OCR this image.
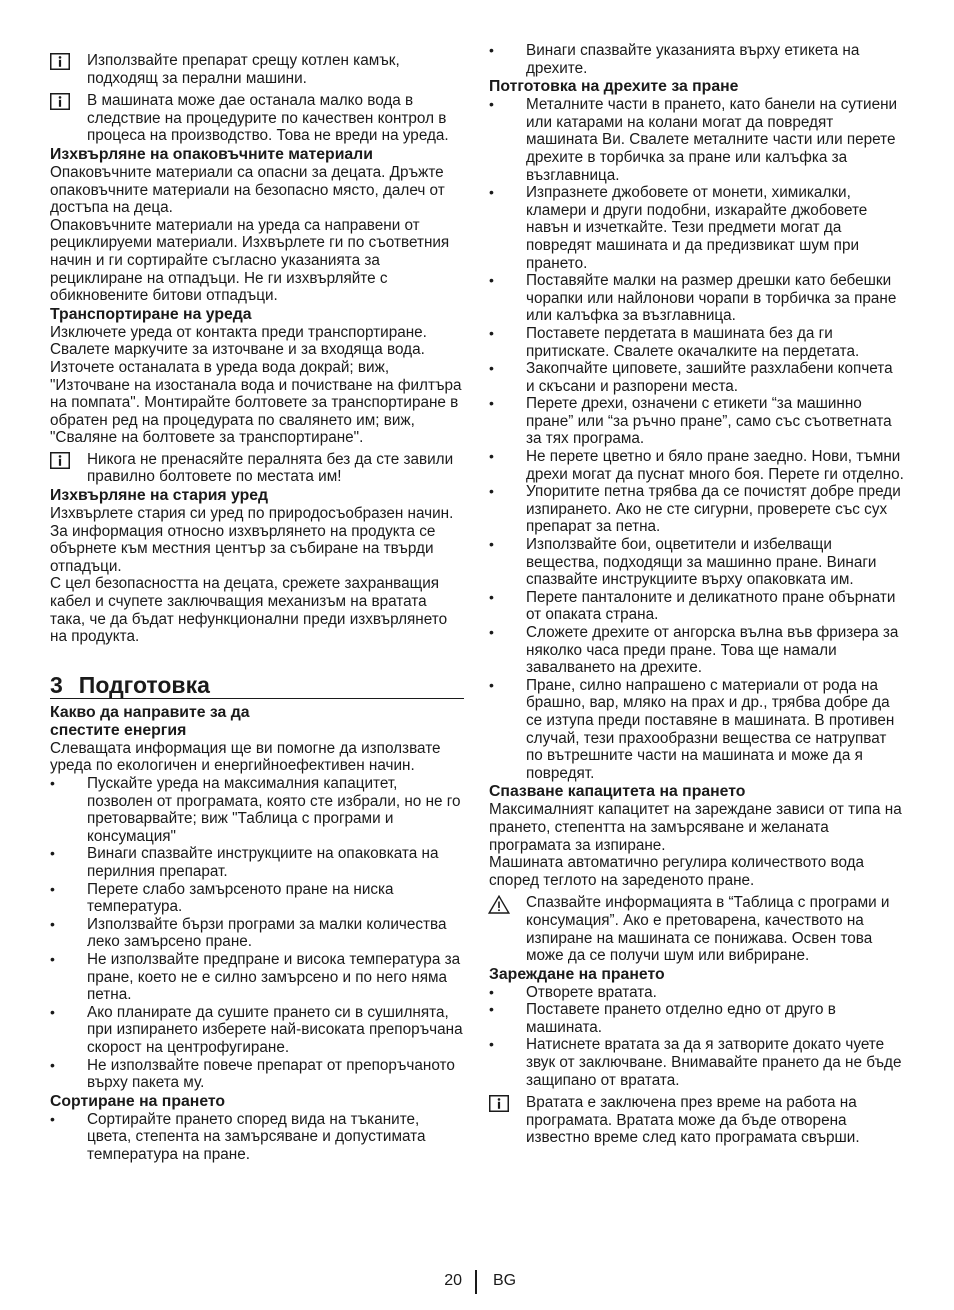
Използвайте препарат срещу котлен камък, подходящ за перални машини.
В машината може дае останала малко вода в следствие на процедурите по качествен контрол в процеса на производство. Това не вреди на уреда.
Изхвърляне на опаковъчните материали

Опаковъчните материали са опасни за децата. Дръжте опаковъчните материали на безопасно място, далеч от достъпа на деца.

Опаковъчните материали на уреда са направени от рециклируеми материали. Изхвърлете ги по съответния начин и ги сортирайте съгласно указанията за рециклиране на отпадъци. Не ги изхвърляйте с обикновените битови отпадъци.

Транспортиране на уреда

Изключете уреда от контакта преди транспортиране. Свалете маркучите за източване и за входяща вода. Източете останалата в уреда вода докрай; виж, "Източване на изостанала вода и почистване на филтъра на помпата". Монтирайте болтовете за транспортиране в обратен ред на процедурата по свалянето им; виж, "Сваляне на болтовете за транспортиране".

Никога не пренасяйте пералнята без да сте завили правилно болтовете по местата им!
Изхвърляне на стария уред

Изхвърлете стария си уред по природосъобразен начин.

За информация относно изхвърлянето на продукта се обърнете към местния център за събиране на твърди отпадъци.

С цел безопасността на децата, срежете захранващия кабел и счупете заключващия механизъм на вратата така, че да бъдат нефункционални преди изхвърлянето на продукта.

3 Подготовка
Какво да направите за да
спестите енергия

Слеващата информация ще ви помогне да използвате уреда по екологичен и енергийноефективен начин.

• Пускайте уреда на максималния капацитет, позволен от програмата, която сте избрали, но не го претоварвайте; виж "Таблица с програми и консумация"
• Винаги спазвайте инструкциите на опаковката на перилния препарат.
• Перете слабо замърсеното пране на ниска температура.
• Използвайте бързи програми за малки количества леко замърсено пране.
• Не използвайте предпране и висока температура за пране, което не е силно замърсено и по него няма петна.
• Ако планирате да сушите прането си в сушилнята, при изпирането изберете най-високата препоръчана скорост на центрофугиране.
• Не използвайте повече препарат от препоръчаното върху пакета му.
Сортиране на прането
• Сортирайте прането според вида на тъканите, цвета, степента на замърсяване и допустимата температура на пране.
• Винаги спазвайте указанията върху етикета на дрехите.
Потготовка на дрехите за пране
• Металните части в прането, като банели на сутиени или катарами на колани могат да повредят машината Ви. Свалете металните части или перете дрехите в торбичка за пране или калъфка за възглавница.
• Изпразнете джобовете от монети, химикалки, кламери и други подобни, изкарайте джобовете навън и изчеткайте. Тези предмети могат да повредят машината и да предизвикат шум при прането.
• Поставяйте малки на размер дрешки като бебешки чорапки или найлонови чорапи в торбичка за пране или калъфка за възглавница.
• Поставете пердетата в машината без да ги притискате. Свалете окачалките на пердетата.
• Закопчайте циповете, зашийте разхлабени копчета и скъсани и разпорени места.
• Перете дрехи, означени с етикети “за машинно пране” или “за ръчно пране”, само със съответната за тях програма.
• Не перете цветно и бяло пране заедно. Нови, тъмни дрехи могат да пуснат много боя. Перете ги отделно.
• Упоритите петна трябва да се почистят добре преди изпирането. Ако не сте сигурни, проверете със сух препарат за петна.
• Използвайте бои, оцветители и избелващи вещества, подходящи за машинно пране. Винаги спазвайте инструкциите върху опаковката им.
• Перете панталоните и деликатното пране обърнати от опаката страна.
• Сложете дрехите от ангорска вълна във фризера за няколко часа преди пране. Това ще намали завалването на дрехите.
• Пране, силно напрашено с материали от рода на брашно, вар, мляко на прах и др., трябва добре да се изтупа преди поставяне в машината. В противен случай, тези прахообразни вещества се натрупват по вътрешните части на машината и може да я повредят.
Спазване капацитета на прането

Максималният капацитет на зареждане зависи от типа на прането, степентта на замърсяване и желаната програмата за изпиране.

Машината автоматично регулира количеството вода според теглото на зареденото пране.

Спазвайте информацията в “Таблица с програми и консумация”. Ако е претоварена, качеството на изпиране на машината се понижава. Освен това може да се получи шум или вибриране.
Зареждане на прането
• Отворете вратата.
• Поставете прането отделно едно от друго в машината.
• Натиснете вратата за да я затворите докато чуете звук от заключване. Внимавайте прането да не бъде защипано от вратата.
Вратата е заключена през време на работа на програмата. Вратата може да бъде отворена известно време след като програмата свърши.
20 BG
